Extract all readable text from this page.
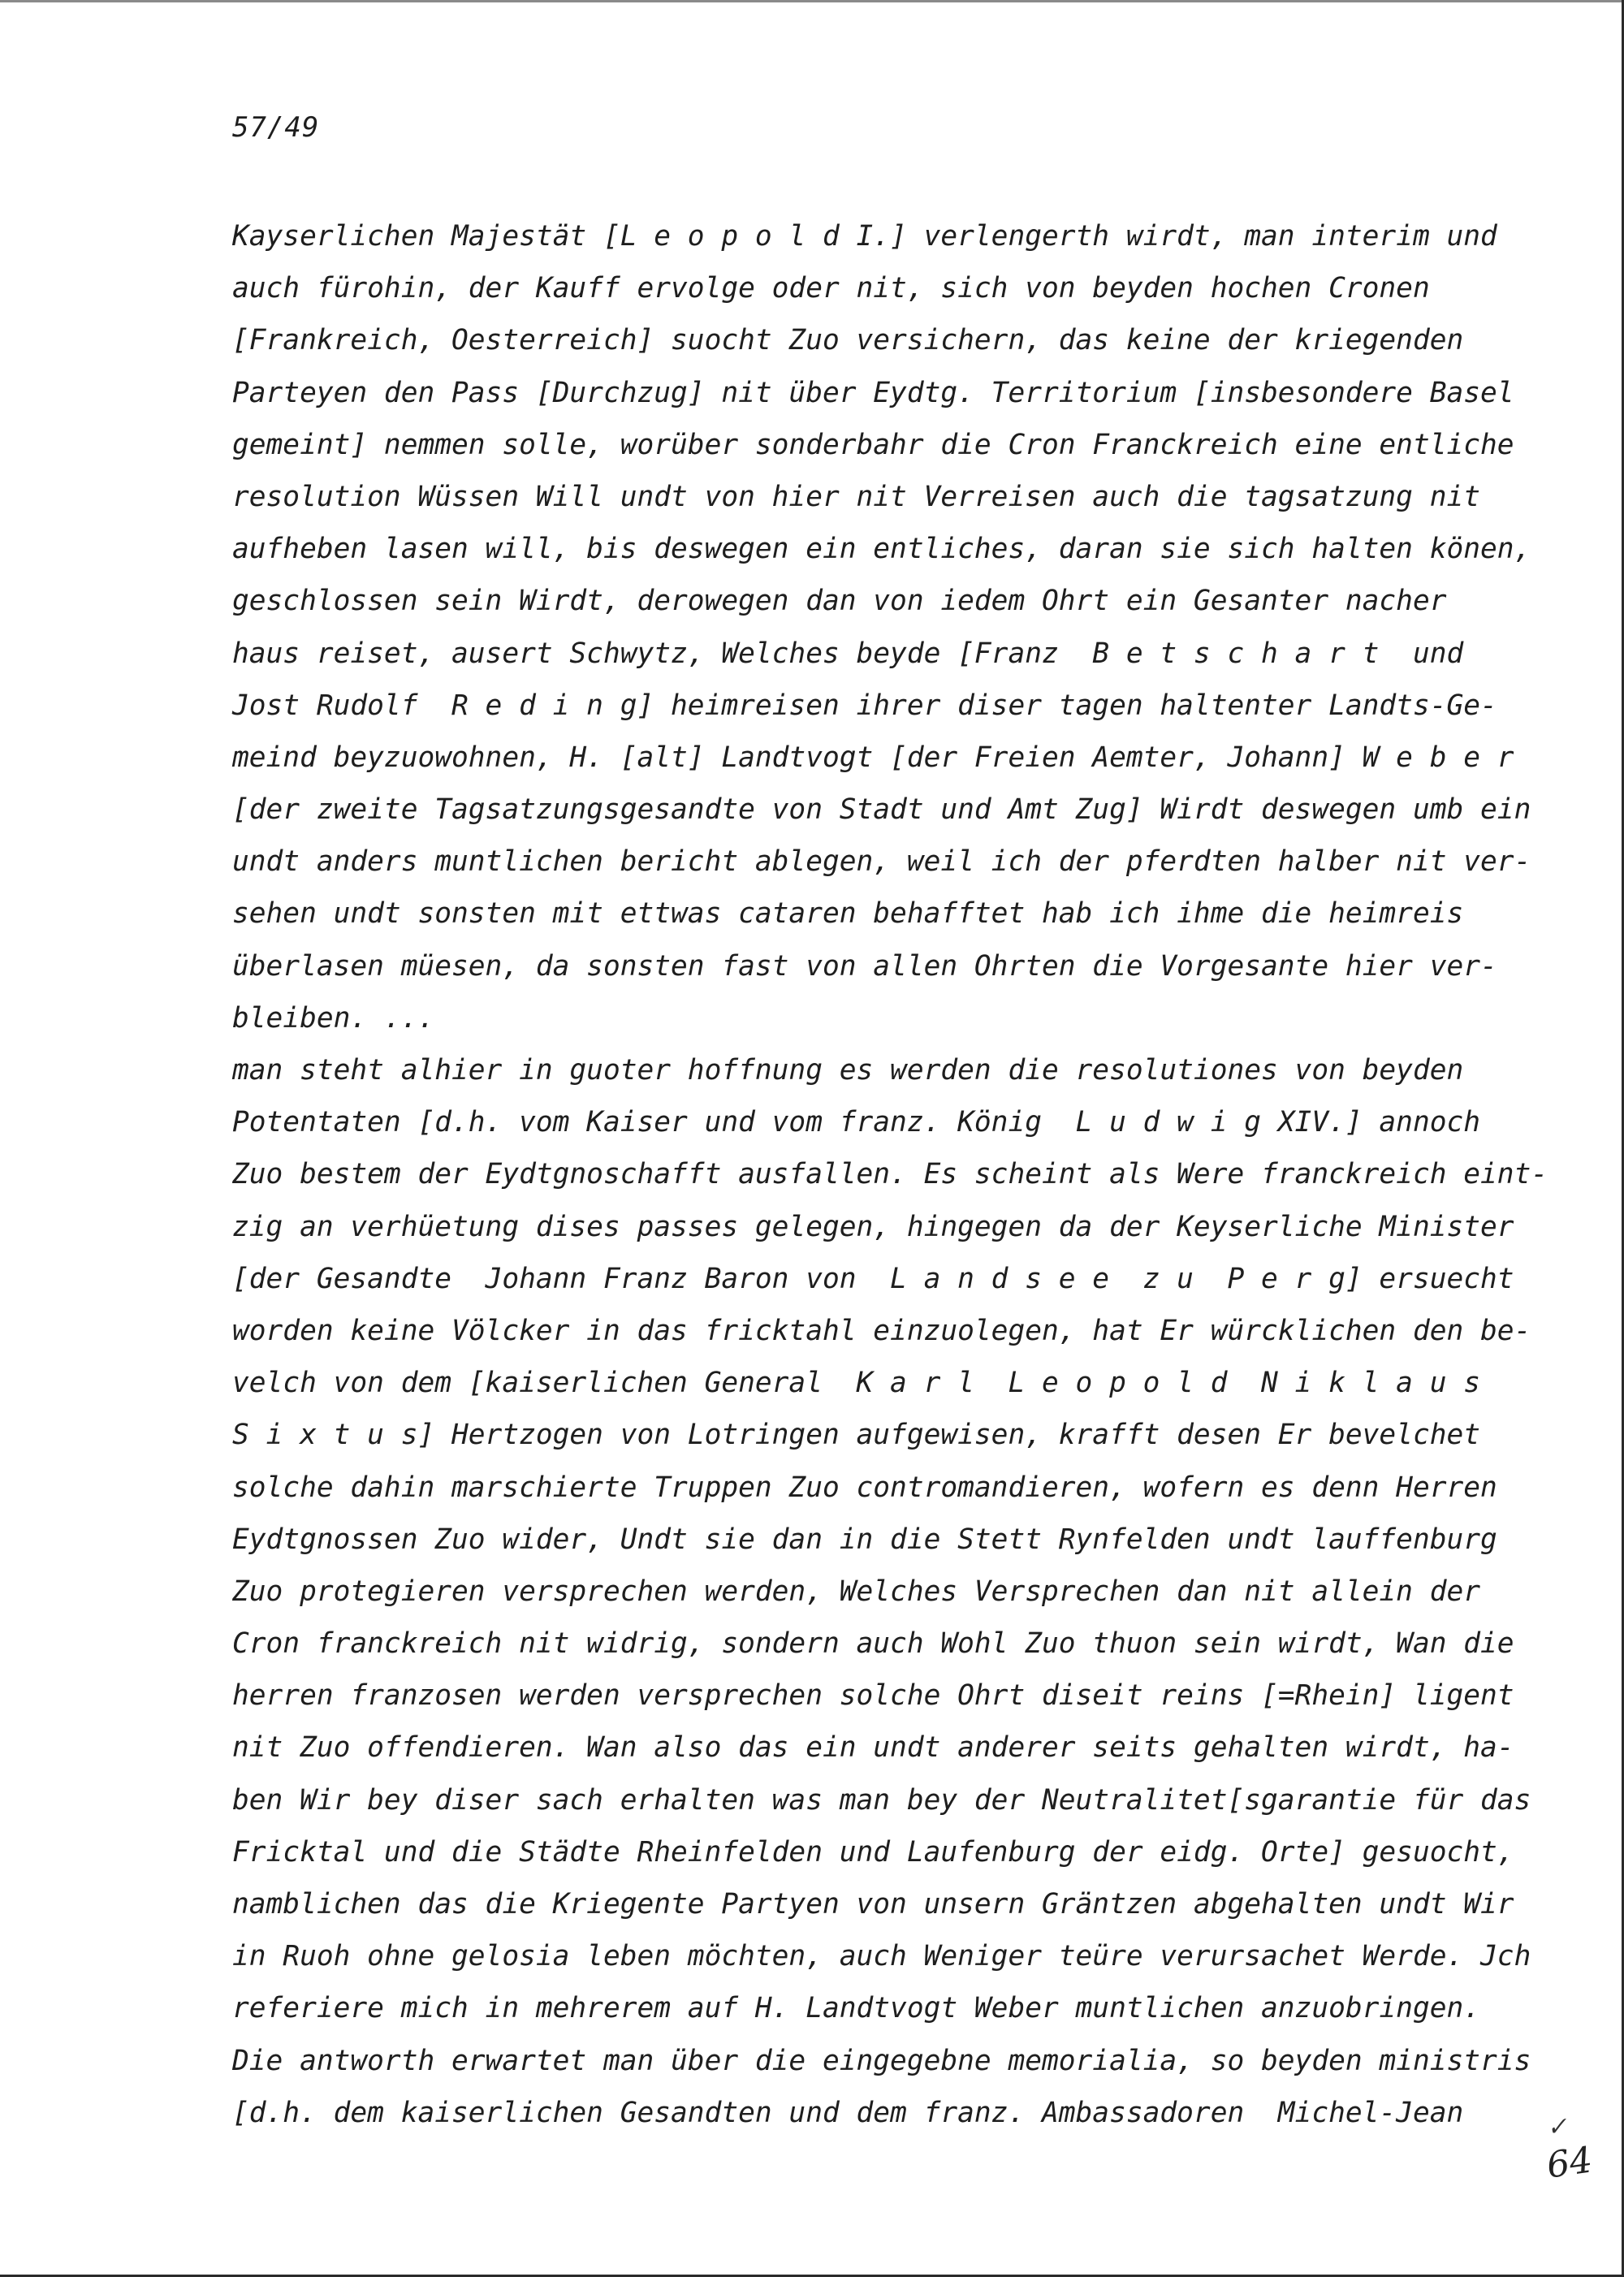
57/49
Kayserlichen Majestät [L e o p o l d I.] verlengerth wirdt, man interim und
auch fürohin, der Kauff ervolge oder nit, sich von beyden hochen Cronen
[Frankreich, Oesterreich] suocht Zuo versichern, das keine der kriegenden
Parteyen den Pass [Durchzug] nit über Eydtg. Territorium [insbesondere Basel
gemeint] nemmen solle, worüber sonderbahr die Cron Franckreich eine entliche
resolution Wüssen Will undt von hier nit Verreisen auch die tagsatzung nit
aufheben lasen will, bis deswegen ein entliches, daran sie sich halten könen,
geschlossen sein Wirdt, derowegen dan von iedem Ohrt ein Gesanter nacher
haus reiset, ausert Schwytz, Welches beyde [Franz  B e t s c h a r t  und
Jost Rudolf  R e d i n g] heimreisen ihrer diser tagen haltenter Landts-Ge-
meind beyzuowohnen, H. [alt] Landtvogt [der Freien Aemter, Johann] W e b e r
[der zweite Tagsatzungsgesandte von Stadt und Amt Zug] Wirdt deswegen umb ein
undt anders muntlichen bericht ablegen, weil ich der pferdten halber nit ver-
sehen undt sonsten mit ettwas cataren behafftet hab ich ihme die heimreis
überlasen müesen, da sonsten fast von allen Ohrten die Vorgesante hier ver-
bleiben. ...
man steht alhier in guoter hoffnung es werden die resolutiones von beyden
Potentaten [d.h. vom Kaiser und vom franz. König  L u d w i g XIV.] annoch
Zuo bestem der Eydtgnoschafft ausfallen. Es scheint als Were franckreich eint-
zig an verhüetung dises passes gelegen, hingegen da der Keyserliche Minister
[der Gesandte  Johann Franz Baron von  L a n d s e e  z u  P e r g] ersuecht
worden keine Völcker in das fricktahl einzuolegen, hat Er würcklichen den be-
velch von dem [kaiserlichen General  K a r l  L e o p o l d  N i k l a u s
S i x t u s] Hertzogen von Lotringen aufgewisen, krafft desen Er bevelchet
solche dahin marschierte Truppen Zuo contromandieren, wofern es denn Herren
Eydtgnossen Zuo wider, Undt sie dan in die Stett Rynfelden undt lauffenburg
Zuo protegieren versprechen werden, Welches Versprechen dan nit allein der
Cron franckreich nit widrig, sondern auch Wohl Zuo thuon sein wirdt, Wan die
herren franzosen werden versprechen solche Ohrt diseit reins [=Rhein] ligent
nit Zuo offendieren. Wan also das ein undt anderer seits gehalten wirdt, ha-
ben Wir bey diser sach erhalten was man bey der Neutralitet[sgarantie für das
Fricktal und die Städte Rheinfelden und Laufenburg der eidg. Orte] gesuocht,
namblichen das die Kriegente Partyen von unsern Gräntzen abgehalten undt Wir
in Ruoh ohne gelosia leben möchten, auch Weniger teüre verursachet Werde. Jch
referiere mich in mehrerem auf H. Landtvogt Weber muntlichen anzuobringen.
Die antworth erwartet man über die eingegebne memorialia, so beyden ministris
[d.h. dem kaiserlichen Gesandten und dem franz. Ambassadoren  Michel-Jean	✓
64
